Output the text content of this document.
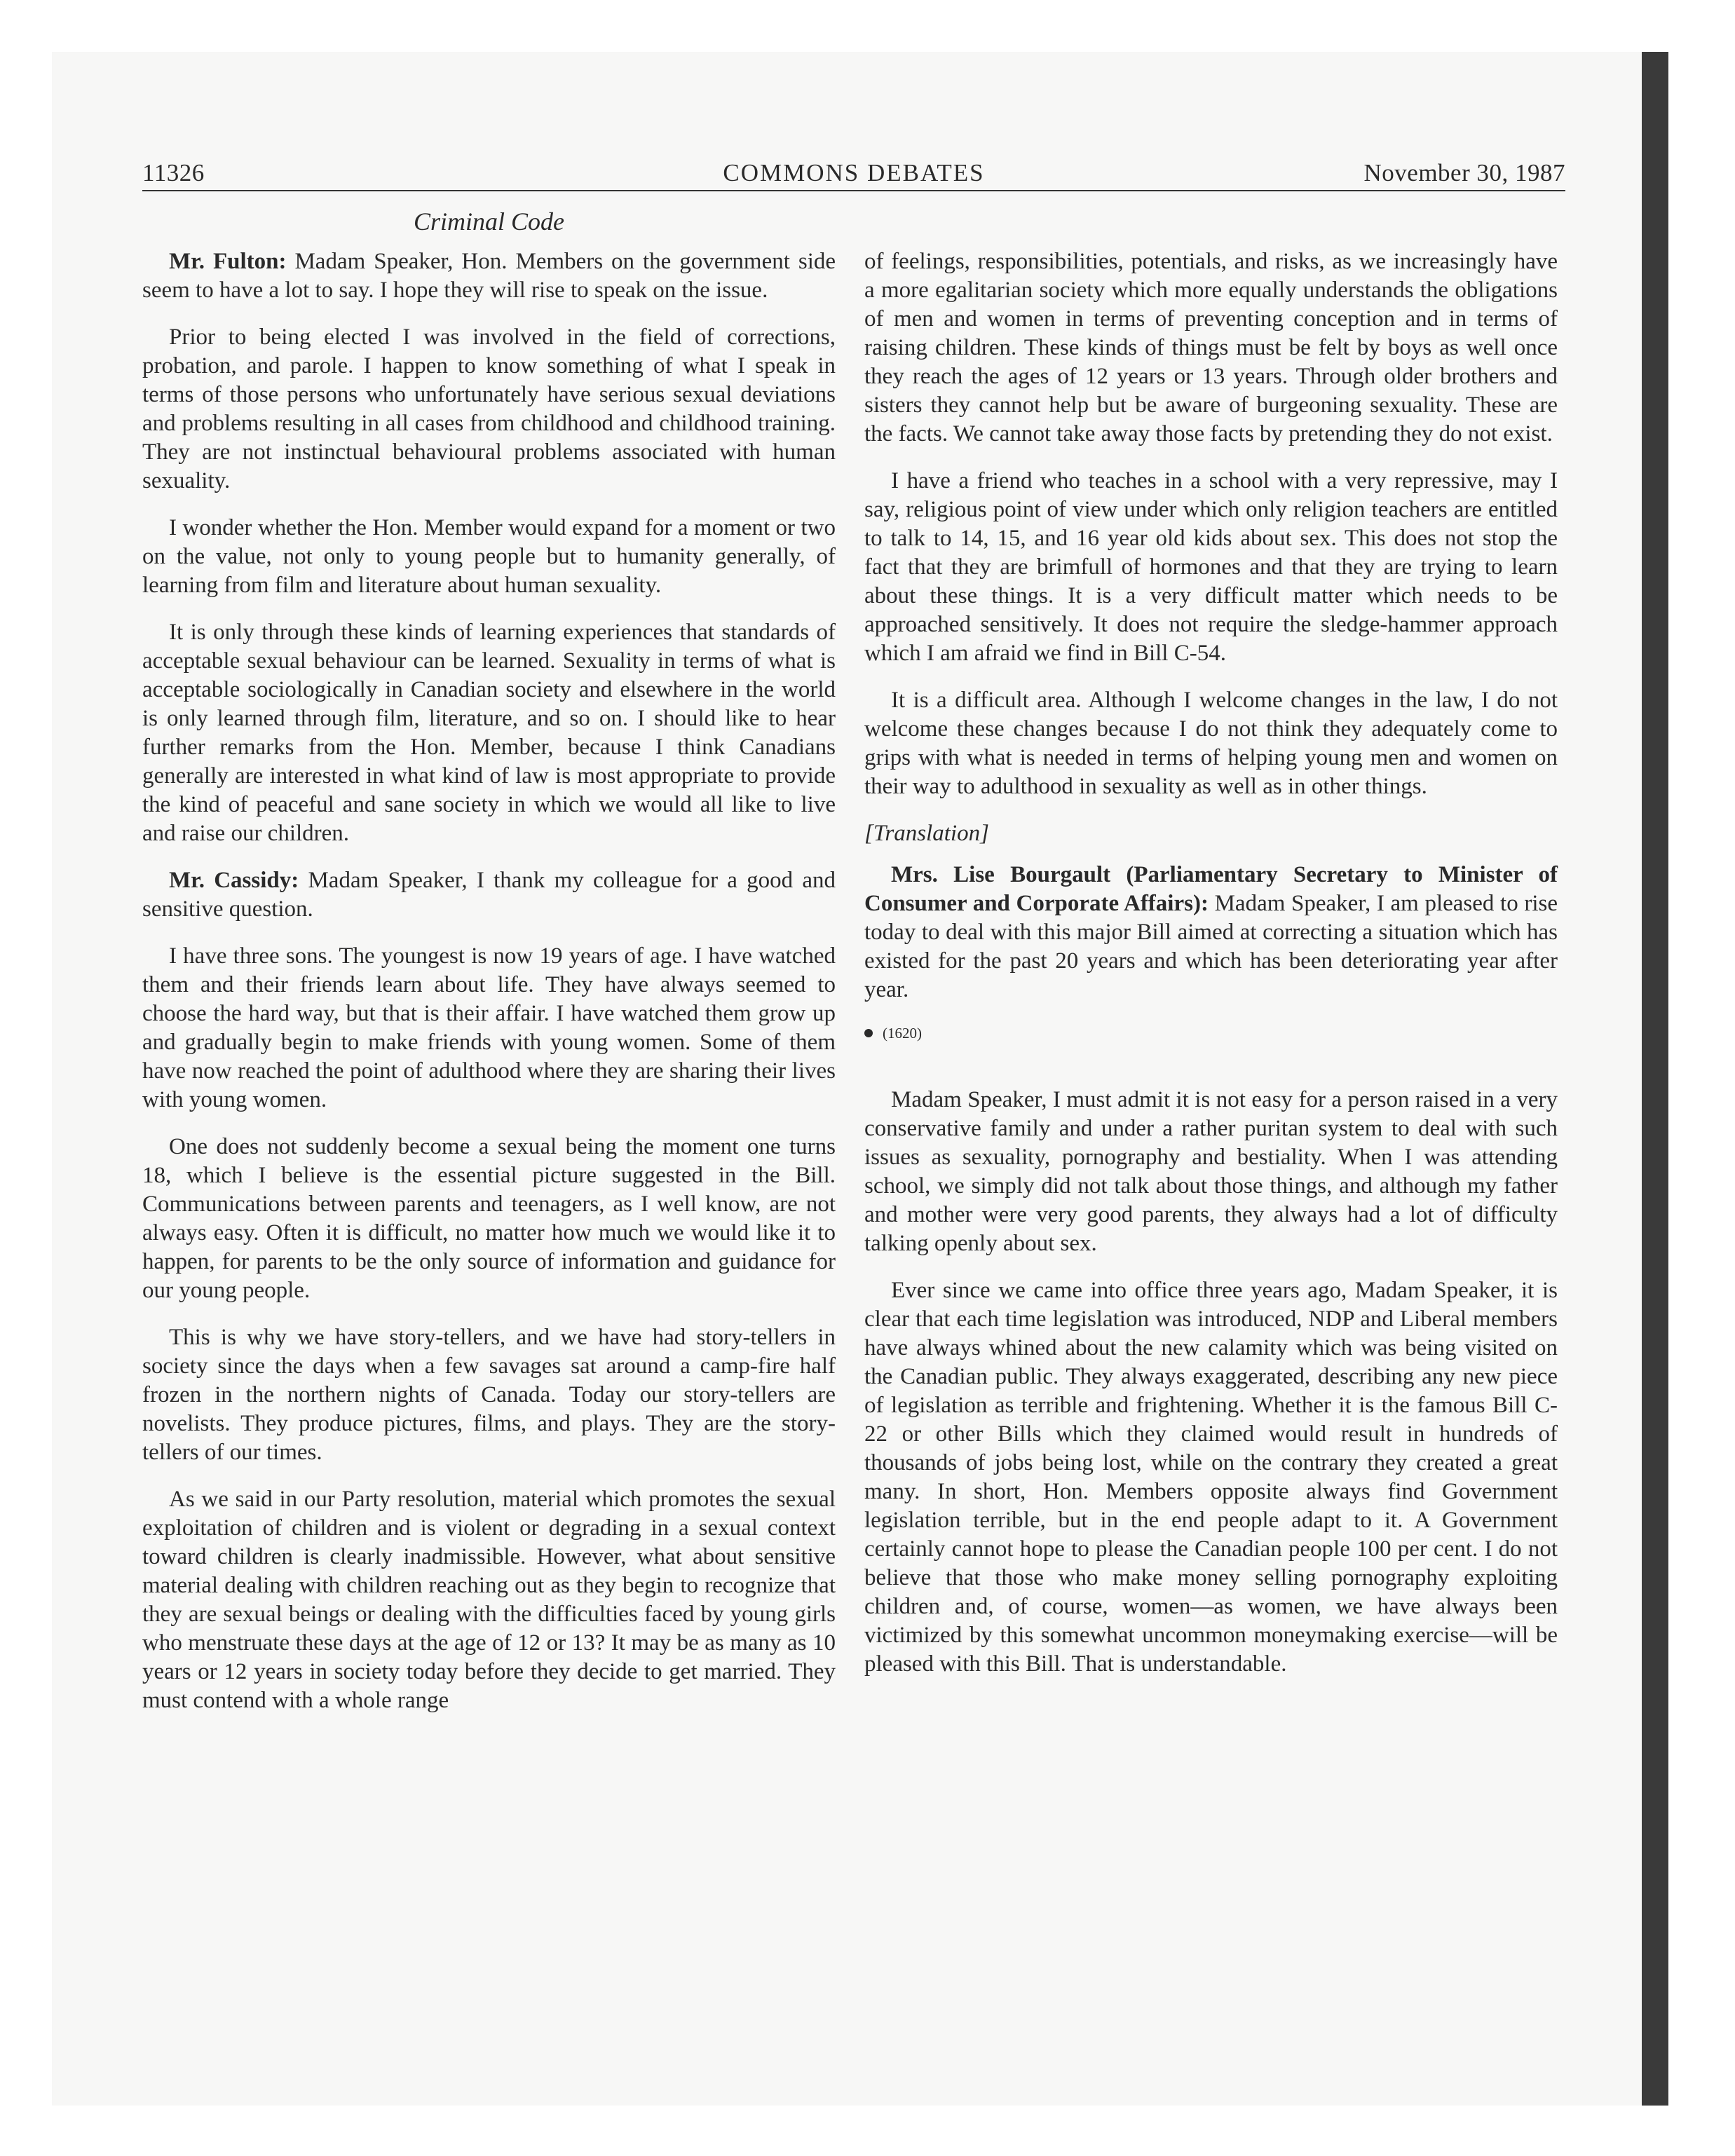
11326	COMMONS DEBATES	November 30, 1987
Criminal Code

Mr. Fulton: Madam Speaker, Hon. Members on the government side seem to have a lot to say. I hope they will rise to speak on the issue.

Prior to being elected I was involved in the field of corrections, probation, and parole. I happen to know something of what I speak in terms of those persons who unfortunately have serious sexual deviations and problems resulting in all cases from childhood and childhood training. They are not instinctual behavioural problems associated with human sexuality.

I wonder whether the Hon. Member would expand for a moment or two on the value, not only to young people but to humanity generally, of learning from film and literature about human sexuality.

It is only through these kinds of learning experiences that standards of acceptable sexual behaviour can be learned. Sexuality in terms of what is acceptable sociologically in Canadian society and elsewhere in the world is only learned through film, literature, and so on. I should like to hear further remarks from the Hon. Member, because I think Canadians generally are interested in what kind of law is most appropriate to provide the kind of peaceful and sane society in which we would all like to live and raise our children.

Mr. Cassidy: Madam Speaker, I thank my colleague for a good and sensitive question.

I have three sons. The youngest is now 19 years of age. I have watched them and their friends learn about life. They have always seemed to choose the hard way, but that is their affair. I have watched them grow up and gradually begin to make friends with young women. Some of them have now reached the point of adulthood where they are sharing their lives with young women.

One does not suddenly become a sexual being the moment one turns 18, which I believe is the essential picture suggested in the Bill. Communications between parents and teenagers, as I well know, are not always easy. Often it is difficult, no matter how much we would like it to happen, for parents to be the only source of information and guidance for our young people.

This is why we have story-tellers, and we have had story-tellers in society since the days when a few savages sat around a camp-fire half frozen in the northern nights of Canada. Today our story-tellers are novelists. They produce pictures, films, and plays. They are the story-tellers of our times.

As we said in our Party resolution, material which promotes the sexual exploitation of children and is violent or degrading in a sexual context toward children is clearly inadmissible. However, what about sensitive material dealing with children reaching out as they begin to recognize that they are sexual beings or dealing with the difficulties faced by young girls who menstruate these days at the age of 12 or 13? It may be as many as 10 years or 12 years in society today before they decide to get married. They must contend with a whole range

of feelings, responsibilities, potentials, and risks, as we increasingly have a more egalitarian society which more equally understands the obligations of men and women in terms of preventing conception and in terms of raising children. These kinds of things must be felt by boys as well once they reach the ages of 12 years or 13 years. Through older brothers and sisters they cannot help but be aware of burgeoning sexuality. These are the facts. We cannot take away those facts by pretending they do not exist.

I have a friend who teaches in a school with a very repressive, may I say, religious point of view under which only religion teachers are entitled to talk to 14, 15, and 16 year old kids about sex. This does not stop the fact that they are brimfull of hormones and that they are trying to learn about these things. It is a very difficult matter which needs to be approached sensitively. It does not require the sledge-hammer approach which I am afraid we find in Bill C-54.

It is a difficult area. Although I welcome changes in the law, I do not welcome these changes because I do not think they adequately come to grips with what is needed in terms of helping young men and women on their way to adulthood in sexuality as well as in other things.

[Translation]

Mrs. Lise Bourgault (Parliamentary Secretary to Minister of Consumer and Corporate Affairs): Madam Speaker, I am pleased to rise today to deal with this major Bill aimed at correcting a situation which has existed for the past 20 years and which has been deteriorating year after year.

(1620)

Madam Speaker, I must admit it is not easy for a person raised in a very conservative family and under a rather puritan system to deal with such issues as sexuality, pornography and bestiality. When I was attending school, we simply did not talk about those things, and although my father and mother were very good parents, they always had a lot of difficulty talking openly about sex.

Ever since we came into office three years ago, Madam Speaker, it is clear that each time legislation was introduced, NDP and Liberal members have always whined about the new calamity which was being visited on the Canadian public. They always exaggerated, describing any new piece of legislation as terrible and frightening. Whether it is the famous Bill C-22 or other Bills which they claimed would result in hundreds of thousands of jobs being lost, while on the contrary they created a great many. In short, Hon. Members opposite always find Government legislation terrible, but in the end people adapt to it. A Government certainly cannot hope to please the Canadian people 100 per cent. I do not believe that those who make money selling pornography exploiting children and, of course, women—as women, we have always been victimized by this somewhat uncommon moneymaking exercise—will be pleased with this Bill. That is understandable.
